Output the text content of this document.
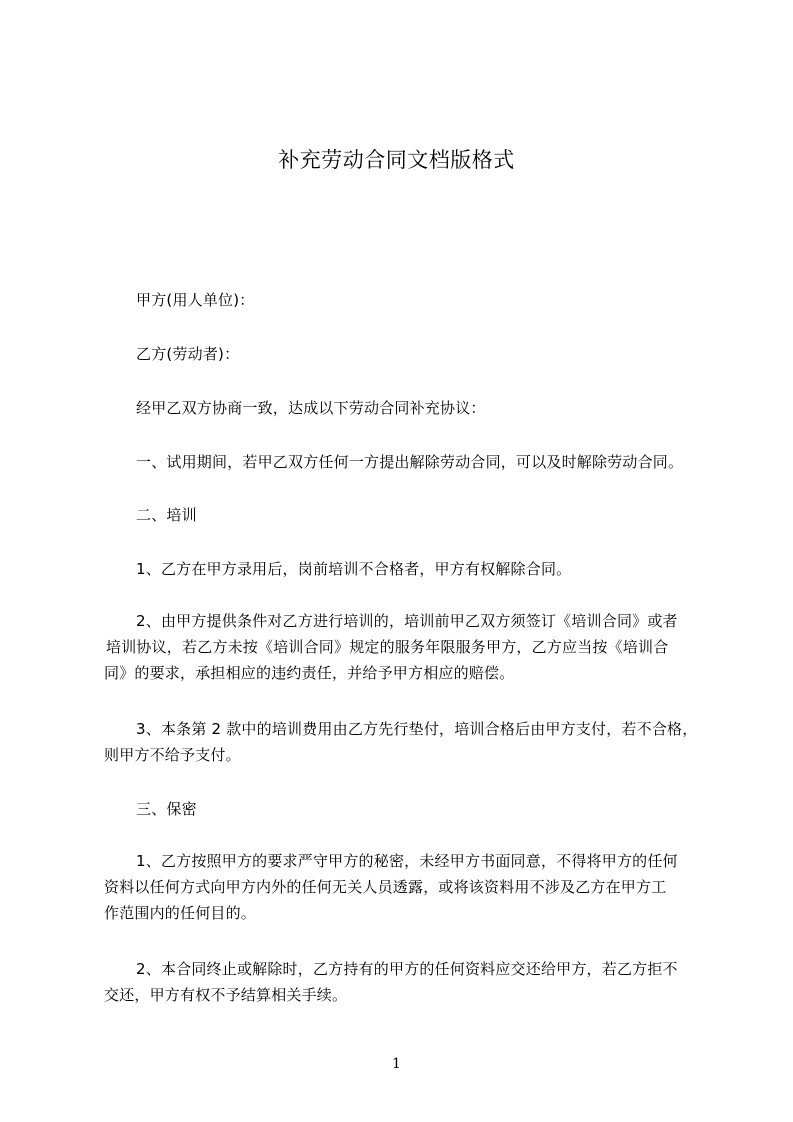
补充劳动合同文档版格式
甲方(用人单位)：
乙方(劳动者)：
经甲乙双方协商一致，达成以下劳动合同补充协议：
一、试用期间，若甲乙双方任何一方提出解除劳动合同，可以及时解除劳动合同。
二、培训
1、乙方在甲方录用后，岗前培训不合格者，甲方有权解除合同。
2、由甲方提供条件对乙方进行培训的，培训前甲乙双方须签订《培训合同》或者
培训协议，若乙方未按《培训合同》规定的服务年限服务甲方，乙方应当按《培训合
同》的要求，承担相应的违约责任，并给予甲方相应的赔偿。
3、本条第 2 款中的培训费用由乙方先行垫付，培训合格后由甲方支付，若不合格，
则甲方不给予支付。
三、保密
1、乙方按照甲方的要求严守甲方的秘密，未经甲方书面同意，不得将甲方的任何
资料以任何方式向甲方内外的任何无关人员透露，或将该资料用不涉及乙方在甲方工
作范围内的任何目的。
2、本合同终止或解除时，乙方持有的甲方的任何资料应交还给甲方，若乙方拒不
交还，甲方有权不予结算相关手续。
1
